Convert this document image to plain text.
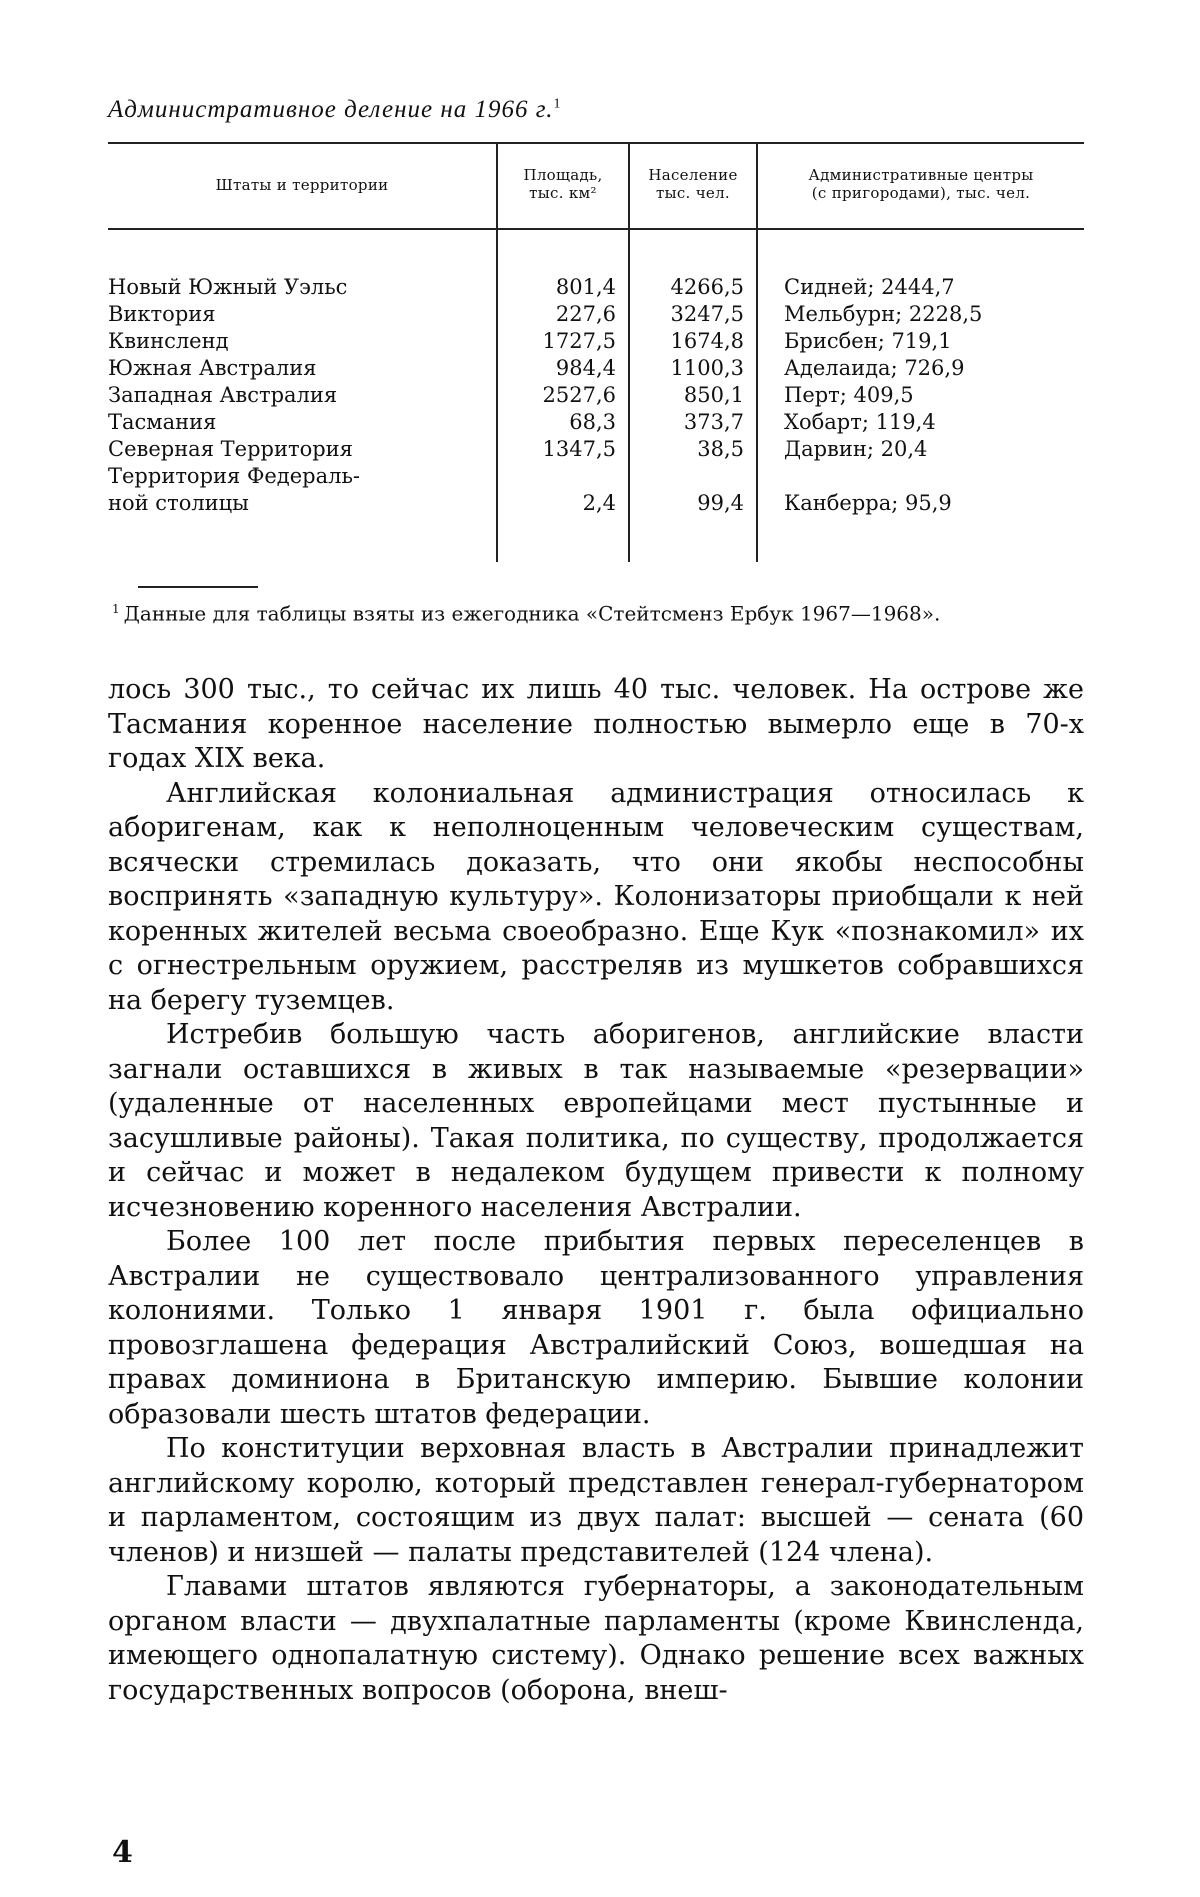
Административное деление на 1966 г.$^1$
Штаты и территории
Площадь,
тыс. км²
Население
тыс. чел.
Административные центры
(с пригородами), тыс. чел.
Новый Южный Уэльс	801,4	4266,5 Сидней; 2444,7
Виктория	227,6	3247,5 Мельбурн; 2228,5
Квинсленд	1727,5	1674,8 Брисбен; 719,1
Южная Австралия	984,4	1100,3 Аделаида; 726,9
Западная Австралия	2527,6	850,1 Перт; 409,5
Тасмания	68,3	373,7 Хобарт; 119,4
Северная Территория	1347,5	38,5 Дарвин; 20,4
Территория Федераль-
ной столицы	2,4	99,4 Канберра; 95,9
 $^1$  Данные для таблицы взяты из ежегодника «Стейтсменз Ербук 1967—1968».

лось 300 тыс., то сейчас их лишь 40 тыс. человек. На острове же Тасмания коренное население полностью вымерло еще в 70-х годах XIX века.

Английская колониальная администрация относилась к аборигенам, как к неполноценным человеческим существам, всячески стремилась доказать, что они якобы неспособны воспринять «западную культуру». Колонизаторы приобщали к ней коренных жителей весьма своеобразно. Еще Кук «познакомил» их с огнестрельным оружием, расстреляв из мушкетов собравшихся на берегу туземцев.

Истребив большую часть аборигенов, английские власти загнали оставшихся в живых в так называемые «резервации» (удаленные от населенных европейцами мест пустынные и засушливые районы). Такая политика, по существу, продолжается и сейчас и может в недалеком будущем привести к полному исчезновению коренного населения Австралии.

Более 100 лет после прибытия первых переселенцев в Австралии не существовало централизованного управления колониями. Только 1 января 1901 г. была официально провозглашена федерация Австралийский Союз, вошедшая на правах доминиона в Британскую империю. Бывшие колонии образовали шесть штатов федерации.

По конституции верховная власть в Австралии принадлежит английскому королю, который представлен генерал-губернатором и парламентом, состоящим из двух палат: высшей — сената (60 членов) и низшей — палаты представителей (124 члена).

Главами штатов являются губернаторы, а законодательным органом власти — двухпалатные парламенты (кроме Квинсленда, имеющего однопалатную систему). Однако решение всех важных государственных вопросов (оборона, внеш-

4
